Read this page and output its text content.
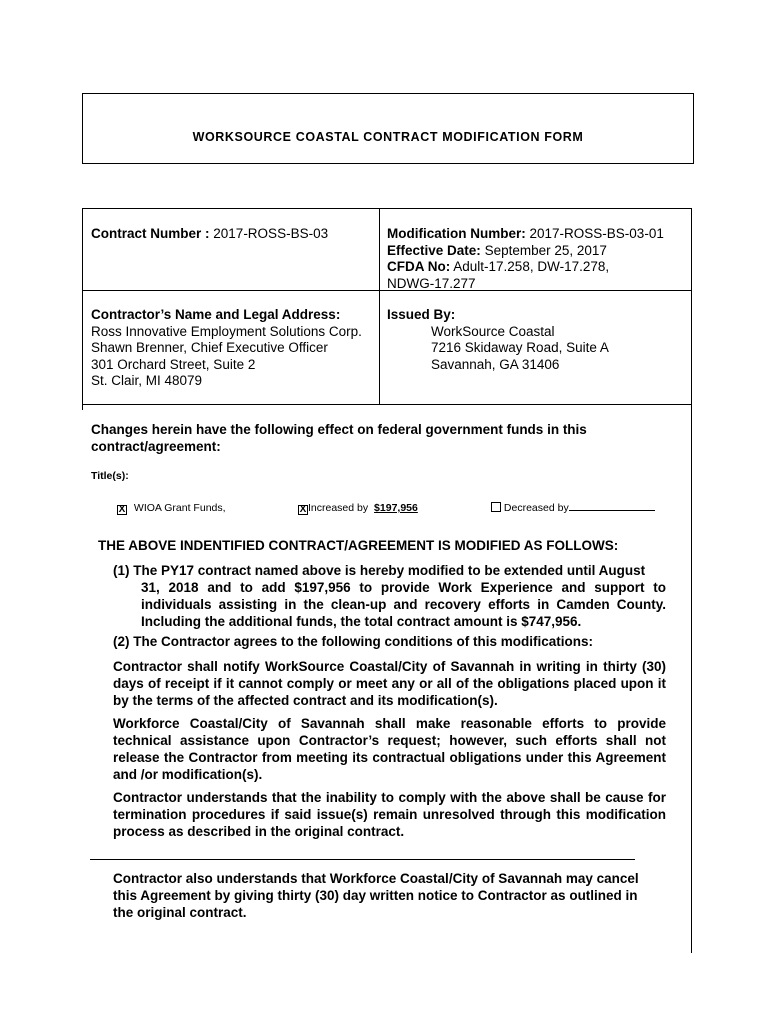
WORKSOURCE COASTAL CONTRACT MODIFICATION FORM
Contract Number : 2017-ROSS-BS-03	Modification Number: 2017-ROSS-BS-03-01
Effective Date: September 25, 2017
CFDA No: Adult-17.258, DW-17.278,
NDWG-17.277
Contractor’s Name and Legal Address:
Ross Innovative Employment Solutions Corp.
Shawn Brenner, Chief Executive Officer
301 Orchard Street, Suite 2
St. Clair, MI 48079
Issued By:
WorkSource Coastal
7216 Skidaway Road, Suite A
Savannah, GA 31406
Changes herein have the following effect on federal government funds in this
contract/agreement:
Title(s):
X WIOA Grant Funds,	X Increased by $197,956	Decreased by
THE ABOVE INDENTIFIED CONTRACT/AGREEMENT IS MODIFIED AS FOLLOWS:
(1) The PY17 contract named above is hereby modified to be extended until August
31, 2018 and to add $197,956 to provide Work Experience and support to individuals assisting in the clean-up and recovery efforts in Camden County. Including the additional funds, the total contract amount is $747,956.
(2) The Contractor agrees to the following conditions of this modifications:
Contractor shall notify WorkSource Coastal/City of Savannah in writing in thirty (30) days of receipt if it cannot comply or meet any or all of the obligations placed upon it by the terms of the affected contract and its modification(s).
Workforce Coastal/City of Savannah shall make reasonable efforts to provide technical assistance upon Contractor’s request; however, such efforts shall not release the Contractor from meeting its contractual obligations under this Agreement and /or modification(s).
Contractor understands that the inability to comply with the above shall be cause for termination procedures if said issue(s) remain unresolved through this modification process as described in the original contract.
Contractor also understands that Workforce Coastal/City of Savannah may cancel this Agreement by giving thirty (30) day written notice to Contractor as outlined in the original contract.
